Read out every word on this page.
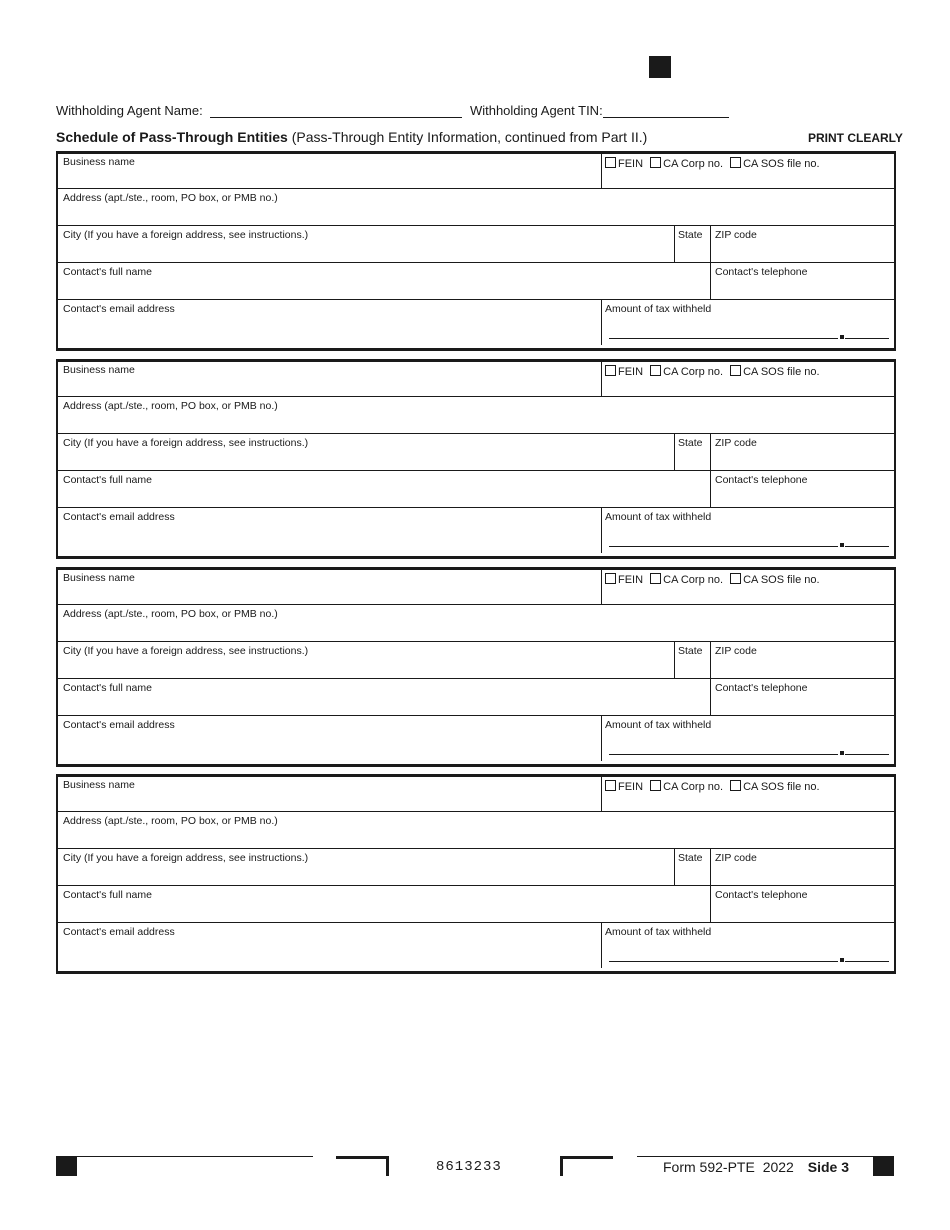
Withholding Agent Name:	Withholding Agent TIN:
Schedule of Pass-Through Entities (Pass-Through Entity Information, continued from Part II.)	PRINT CLEARLY
Business name	FEIN CA Corp no. CA SOS file no.
Address (apt./ste., room, PO box, or PMB no.)
City (If you have a foreign address, see instructions.)	State	ZIP code
Contact's full name	Contact's telephone
Contact's email address	Amount of tax withheld
Business name	FEIN CA Corp no. CA SOS file no.
Address (apt./ste., room, PO box, or PMB no.)
City (If you have a foreign address, see instructions.)	State	ZIP code
Contact's full name	Contact's telephone
Contact's email address	Amount of tax withheld
Business name	FEIN CA Corp no. CA SOS file no.
Address (apt./ste., room, PO box, or PMB no.)
City (If you have a foreign address, see instructions.)	State	ZIP code
Contact's full name	Contact's telephone
Contact's email address	Amount of tax withheld
Business name	FEIN CA Corp no. CA SOS file no.
Address (apt./ste., room, PO box, or PMB no.)
City (If you have a foreign address, see instructions.)	State	ZIP code
Contact's full name	Contact's telephone
Contact's email address	Amount of tax withheld
8613233	Form 592-PTE 2022 Side 3
